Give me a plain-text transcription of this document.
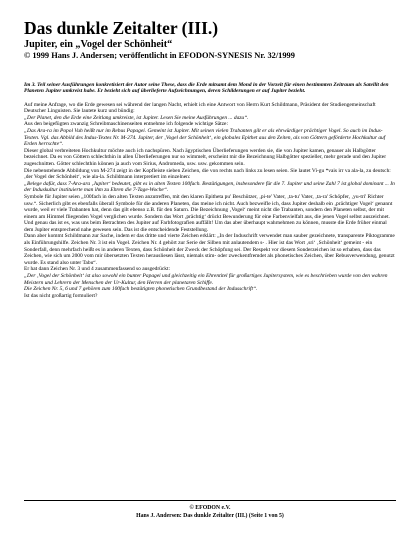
Das dunkle Zeitalter (III.)

Jupiter, ein „Vogel der Schönheit“

© 1999 Hans J. Andersen; veröffentlicht in EFODON-SYNESIS Nr. 32/1999

Im 3. Teil seiner Ausführungen konkretisiert der Autor seine These, dass die Erde mitsamt dem Mond in der Vorzeit für einen bestimmten Zeitraum als Satellit den Planeten Jupiter umkreist habe. Er bezieht sich auf überlieferte Aufzeichnungen, deren Schilderungen er auf Jupiter bezieht.

Auf meine Anfrage, wo die Erde gewesen sei während der langen Nacht, erhielt ich eine Antwort von Herrn Kurt Schildmann, Präsident der Studiengemeinschaft Deutscher Linguisten. Sie lautete kurz und bündig:

„Der Planet, den die Erde eine Zeitlang umkreiste, ist Jupiter. Lesen Sie meine Ausführungen ... dazu“.

Aus den beigefügten zwanzig Schreibmaschinenseiten entnehme ich folgende wichtige Sätze:

„Das Ara-ra im Popol Vuh heißt nur im Rebus Papagei. Gemeint ist Jupiter. Mit seinen vielen Trabanten gilt er als ehrwürdiger prächtiger Vogel. So auch im Indus-Texten. Vgl. das Abbild des Indus-Textes Nr. M-274. Jupiter, der ‚Vogel der Schönheit‘, ein globales Epithet aus den Zeiten, als von Göttern geförderte Hochkultur auf Erden herrschte“.

Dieser global verbreiteten Hochkultur möchte auch ich nachspüren. Nach ägyptischen Überlieferungen werden sie, die von Jupiter kamen, genauer als Halbgötter bezeichnet. Da es von Göttern schlechthin in allen Überlieferungen nur so wimmelt, erscheint mir die Bezeichnung Halbgötter spezieller, mehr gerade und den Jupiter zugeschnitten. Götter schlechthin können ja auch vom Sirius, Andromeda, usw. usw. gekommen sein.

Die nebenstehende Abbildung von M-274 zeigt in der Kopfleiste sieben Zeichen, die von rechts nach links zu lesen seien. Sie lautet Vi-gu *vais irr va ala-la, zu deutsch: ‚der Vogel der Schönheit‘, wie ala-la. Schildmann interpretiert im einzelnen:

„Belege dafür, dass 7-Ara-ara ‚Jupiter‘ bedeutet, gibt es in alten Texten 100fach. Bestätigungen, insbesondere für die 7. Jupiter und seine Zahl 7 ist global dominant ... In der Induskultur instituierte man ihm zu Ehren die 7-Tage-Woche“.

Symbole für Jupiter seien „100fach in den alten Texten anzutreffen, mit den klaren Epitheta pu' Beschützer, ‚pi-te' Vater, ‚ta-tu' Vater, ‚ta-ra' Schöpfer, ‚yu-tri' Richter usw.“. Sicherlich gibt es ebenfalls überall Symbole für die anderen Planeten, das meine ich nicht. Auch bezweifle ich, dass Jupiter deshalb ein ‚prächtiger Vogel‘ genannt wurde, weil er viele Trabanten hat, denn das gilt ebenso z.B. für den Saturn. Die Bezeichnung ‚Vogel‘ meint nicht die Trabanten, sondern den Planeten selbst, der mit einem am Himmel fliegenden Vogel verglichen wurde. Sondern das Wort ‚prächtig‘ drückt Bewunderung für eine Farbenvielfalt aus, die jenen Vogel selbst auszeichnet.

Und genau das ist es, was uns beim Betrachten des Jupiter auf Farbfotografien auffällt! Um das aber überhaupt wahrnehmen zu können, musste die Erde früher einmal dem Jupiter entsprechend nahe gewesen sein. Das ist die entscheidende Feststellung.

Dann aber kommt Schildmann zur Sache, indem er das dritte und vierte Zeichen erklärt: „In der Induschrift verwendet man sauber gezeichnete, transparente Piktogramme als Einführungshilfe. Zeichen Nr. 3 ist ein Vogel. Zeichen Nr. 4 gehört zur Serie der Silben mit anlautendem s- . Hier ist das Wort ‚sri‘ ‚Schönheit‘ gemeint - ein Sonderfall, denn mehrfach heißt es in anderen Texten, dass Schönheit der Zweck der Schöpfung sei. Der Respekt vor diesem Sonderzeichen ist so erhaben, dass das Zeichen, wie sich um 2000 vom mir übersetzten Texten herausliesen lässt, niemals stim- oder zweckentfremdet als phonetisches Zeichen, über Rebusverwendung, genutzt wurde. Es stand also unter Tabu“.

Er hat dann Zeichen Nr. 3 und 4 zusammenfassend so ausgedrückt:

„Der ‚Vogel der Schönheit‘ ist also sowohl ein bunter Papagei und gleichzeitig ein Ehrentitel für großartiges Jupitersystem, wie es beschrieben wurde von den wahren Meistern und Lehrern der Menschen der Ur-Kultur, den Herren der planetaren Schiffe.

Die Zeichen Nr. 5, 6 und 7 gehören zum 100fach bestätigten phonetischen Grundbestand der Indusschrift“.

Ist das nicht großartig formuliert?

© EFODON e.V.
Hans J. Andersen: Das dunkle Zeitalter (III.) (Seite 1 von 5)
